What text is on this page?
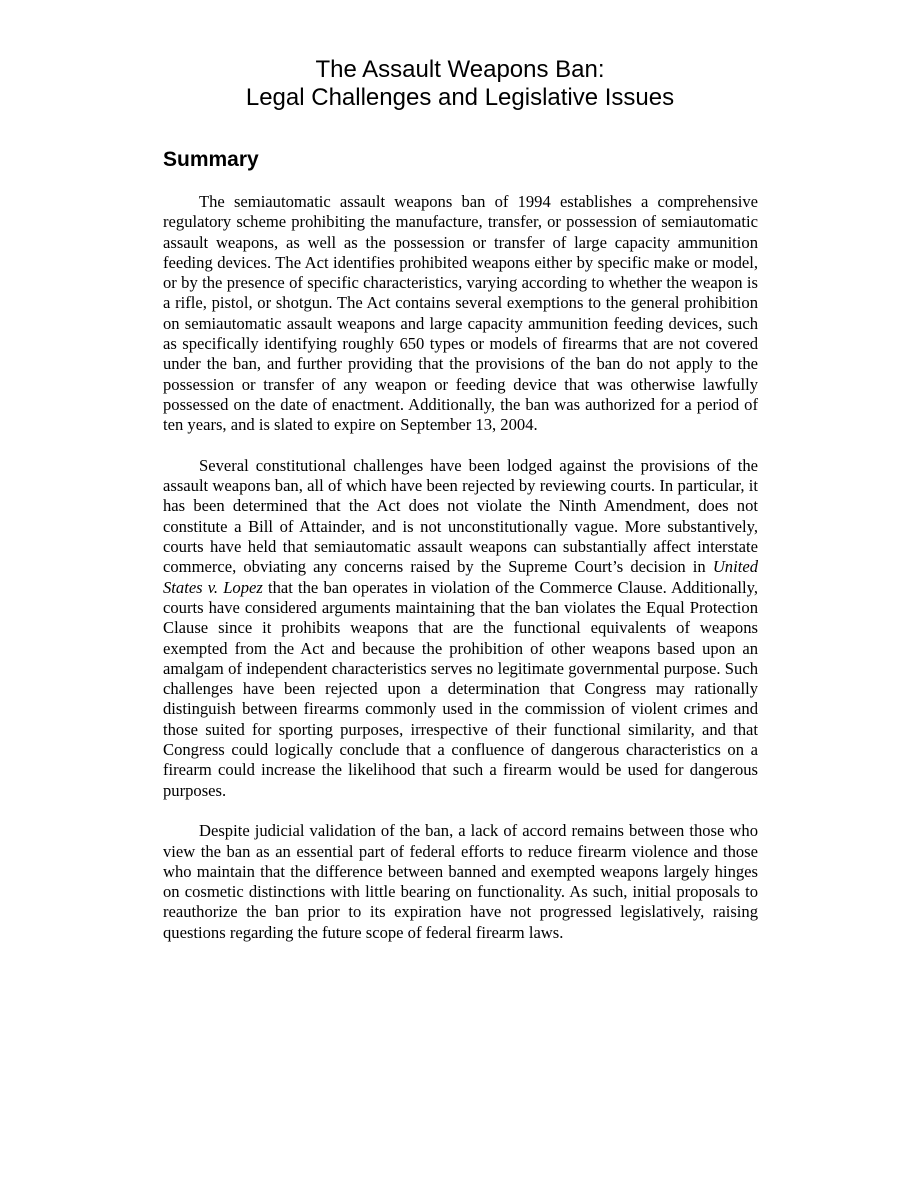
The Assault Weapons Ban:
Legal Challenges and Legislative Issues
Summary

The semiautomatic assault weapons ban of 1994 establishes a comprehensive regulatory scheme prohibiting the manufacture, transfer, or possession of semiautomatic assault weapons, as well as the possession or transfer of large capacity ammunition feeding devices. The Act identifies prohibited weapons either by specific make or model, or by the presence of specific characteristics, varying according to whether the weapon is a rifle, pistol, or shotgun. The Act contains several exemptions to the general prohibition on semiautomatic assault weapons and large capacity ammunition feeding devices, such as specifically identifying roughly 650 types or models of firearms that are not covered under the ban, and further providing that the provisions of the ban do not apply to the possession or transfer of any weapon or feeding device that was otherwise lawfully possessed on the date of enactment. Additionally, the ban was authorized for a period of ten years, and is slated to expire on September 13, 2004.

Several constitutional challenges have been lodged against the provisions of the assault weapons ban, all of which have been rejected by reviewing courts. In particular, it has been determined that the Act does not violate the Ninth Amendment, does not constitute a Bill of Attainder, and is not unconstitutionally vague. More substantively, courts have held that semiautomatic assault weapons can substantially affect interstate commerce, obviating any concerns raised by the Supreme Court’s decision in United States v. Lopez that the ban operates in violation of the Commerce Clause. Additionally, courts have considered arguments maintaining that the ban violates the Equal Protection Clause since it prohibits weapons that are the functional equivalents of weapons exempted from the Act and because the prohibition of other weapons based upon an amalgam of independent characteristics serves no legitimate governmental purpose. Such challenges have been rejected upon a determination that Congress may rationally distinguish between firearms commonly used in the commission of violent crimes and those suited for sporting purposes, irrespective of their functional similarity, and that Congress could logically conclude that a confluence of dangerous characteristics on a firearm could increase the likelihood that such a firearm would be used for dangerous purposes.

Despite judicial validation of the ban, a lack of accord remains between those who view the ban as an essential part of federal efforts to reduce firearm violence and those who maintain that the difference between banned and exempted weapons largely hinges on cosmetic distinctions with little bearing on functionality. As such, initial proposals to reauthorize the ban prior to its expiration have not progressed legislatively, raising questions regarding the future scope of federal firearm laws.
